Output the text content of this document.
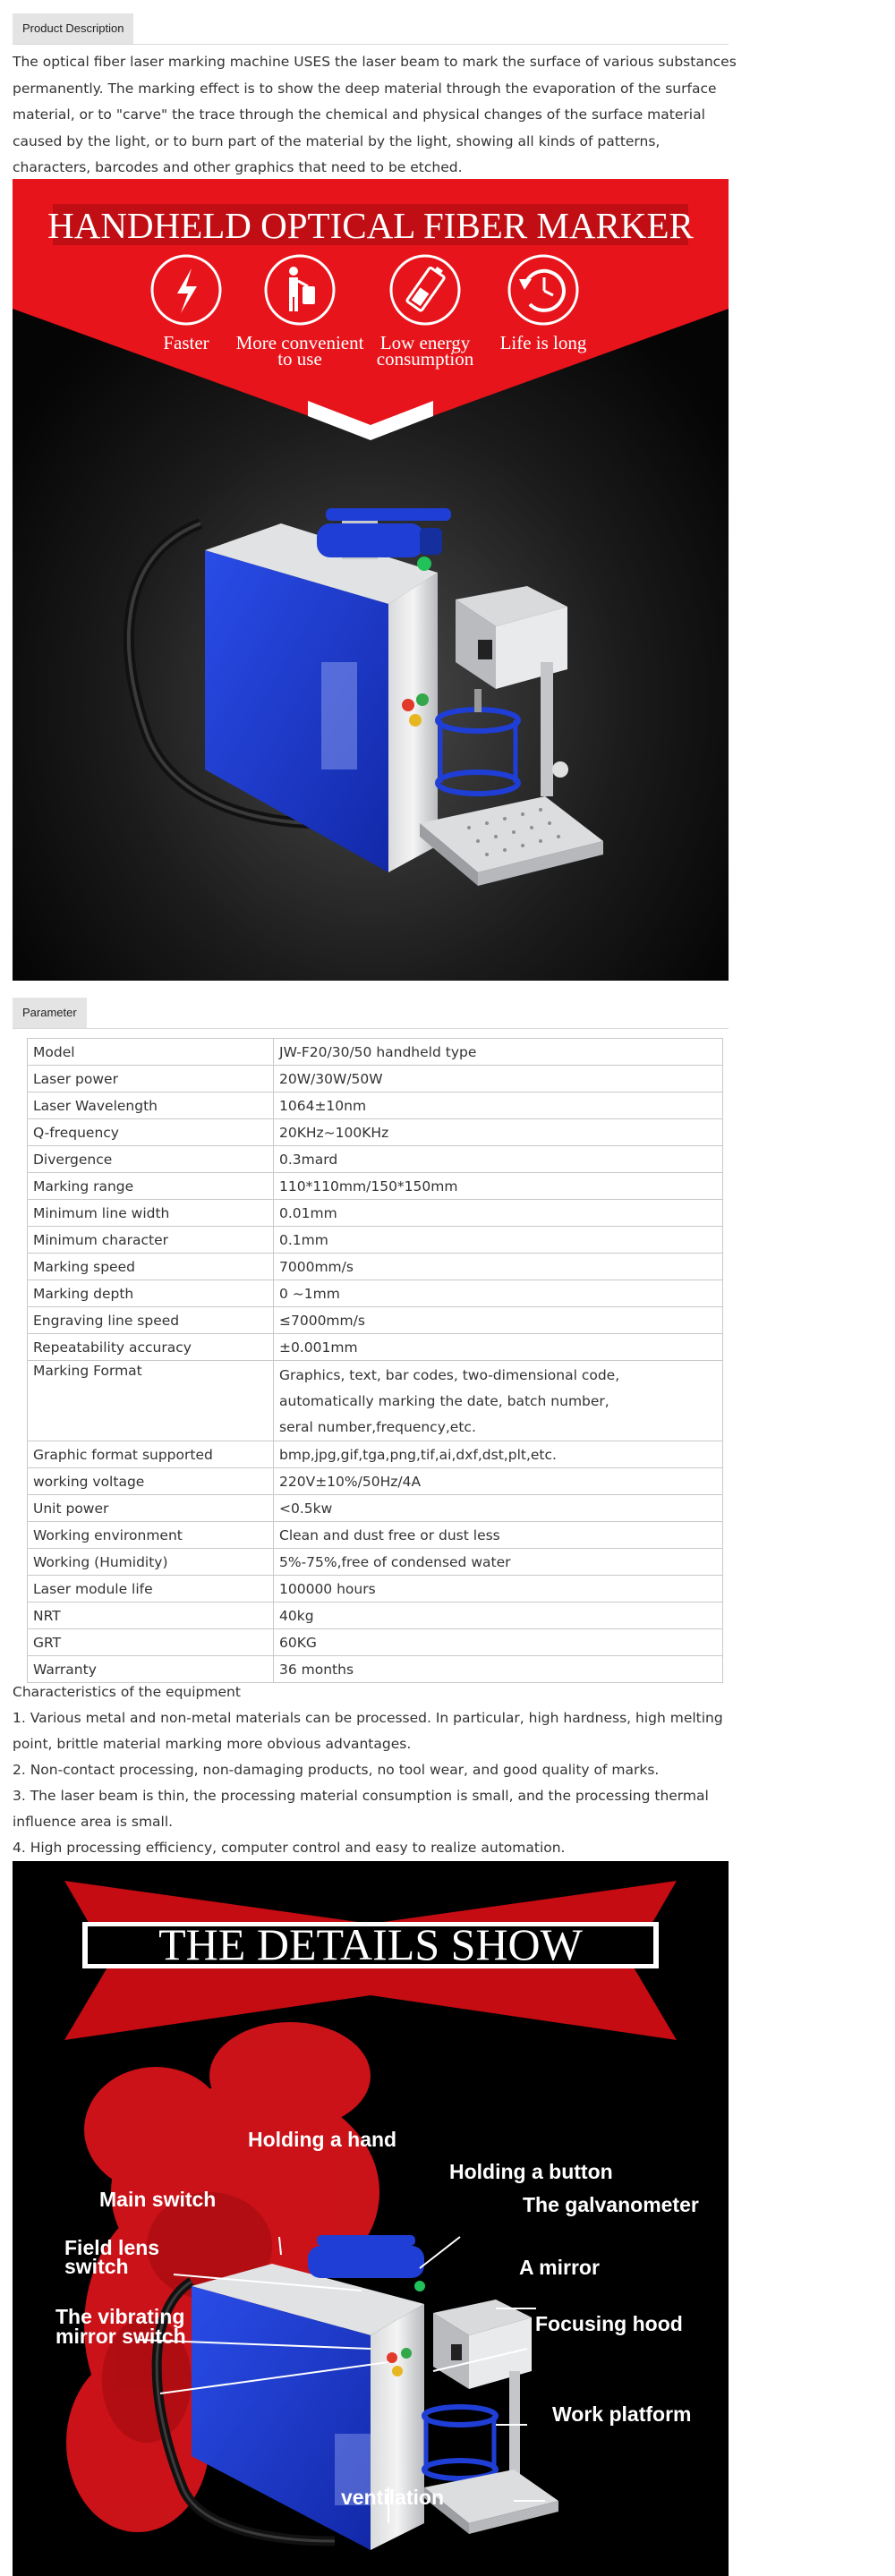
Product Description
The optical fiber laser marking machine USES the laser beam to mark the surface of various substances
permanently. The marking effect is to show the deep material through the evaporation of the surface
material, or to "carve" the trace through the chemical and physical changes of the surface material
caused by the light, or to burn part of the material by the light, showing all kinds of patterns,
characters, barcodes and other graphics that need to be etched.
HANDHELD OPTICAL FIBER MARKER
Faster More convenient
to use
Low energy
consumption
Life is long
Parameter
Model	JW-F20/30/50 handheld type
Laser power	20W/30W/50W
Laser Wavelength	1064±10nm
Q-frequency	20KHz~100KHz
Divergence	0.3mard
Marking range	110*110mm/150*150mm
Minimum line width	0.01mm
Minimum character	0.1mm
Marking speed	7000mm/s
Marking depth	0 ~1mm
Engraving line speed	≤7000mm/s
Repeatability accuracy	±0.001mm
Marking Format	Graphics, text, bar codes, two-dimensional code,
automatically marking the date, batch number,
seral number,frequency,etc.

Graphic format supported	bmp,jpg,gif,tga,png,tif,ai,dxf,dst,plt,etc.
working voltage	220V±10%/50Hz/4A
Unit power	<0.5kw
Working environment	Clean and dust free or dust less
Working (Humidity)	5%-75%,free of condensed water
Laser module life	100000 hours
NRT	40kg
GRT	60KG
Warranty	36 months
Characteristics of the equipment
1. Various metal and non-metal materials can be processed. In particular, high hardness, high melting
point, brittle material marking more obvious advantages.
2. Non-contact processing, non-damaging products, no tool wear, and good quality of marks.
3. The laser beam is thin, the processing material consumption is small, and the processing thermal
influence area is small.
4. High processing efficiency, computer control and easy to realize automation.
THE DETAILS SHOW
Holding a hand
Holding a button
Main switch	The galvanometer
Field lens
switch	A mirror
The vibrating
mirror switch
Focusing hood
Work platform
ventilation
